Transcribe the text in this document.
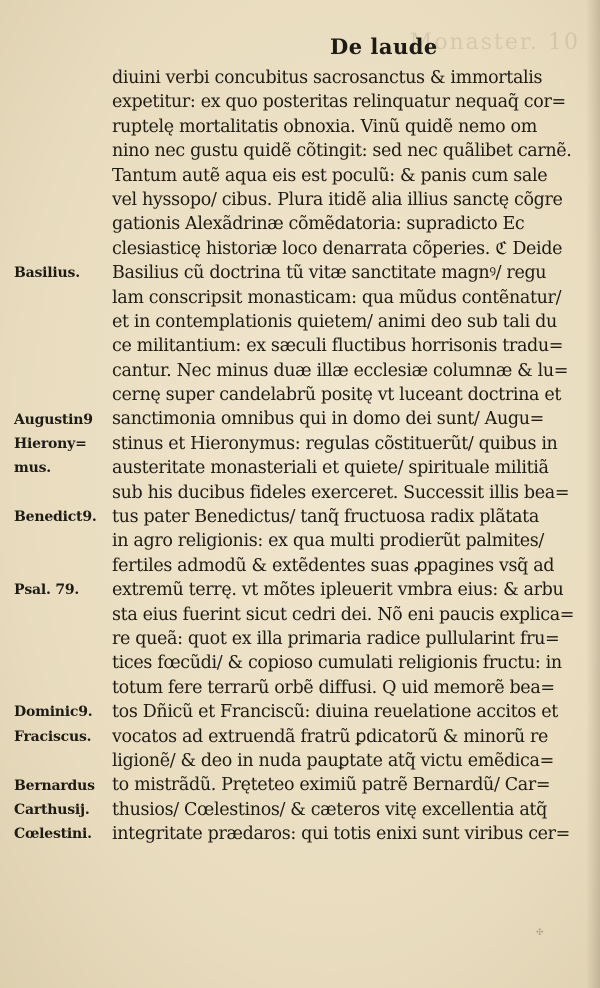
Monaster. 10
De laude
diuini verbi concubitus sacrosanctus & immortalis
expetitur: ex quo posteritas relinquatur nequaq̃ cor=
ruptelę mortalitatis obnoxia. Vinũ quidẽ nemo om
nino nec gustu quidẽ cõtingit: sed nec quãlibet carnẽ.
Tantum autẽ aqua eis est poculũ: & panis cum sale
vel hyssopo/ cibus. Plura itidẽ alia illius sanctę cõgre
gationis Alexãdrinæ cõmẽdatoria: supradicto Ec
clesiasticę historiæ loco denarrata cõperies. ℭ Deide
Basilius cũ doctrina tũ vitæ sanctitate magnꝰ/ regu
lam conscripsit monasticam: qua mũdus contẽnatur/
et in contemplationis quietem/ animi deo sub tali du
ce militantium: ex sæculi fluctibus horrisonis tradu=
cantur. Nec minus duæ illæ ecclesiæ columnæ & lu=
cernę super candelabrũ positę vt luceant doctrina et
sanctimonia omnibus qui in domo dei sunt/ Augu=
stinus et Hieronymus: regulas cõstituerũt/ quibus in
austeritate monasteriali et quiete/ spirituale militiã
sub his ducibus fideles exerceret. Successit illis bea=
tus pater Benedictus/ tanq̃ fructuosa radix plãtata
in agro religionis: ex qua multi prodierũt palmites/
fertiles admodũ & extẽdentes suas ꝓpagines vsq̃ ad
extremũ terrę. vt mõtes ipleuerit vmbra eius: & arbu
sta eius fuerint sicut cedri dei. Nõ eni paucis explica=
re queã: quot ex illa primaria radice pullularint fru=
tices fœcũdi/ & copioso cumulati religionis fructu: in
totum fere terrarũ orbẽ diffusi. Q uid memorẽ bea=
tos Dñicũ et Franciscũ: diuina reuelatione accitos et
vocatos ad extruendã fratrũ ꝑdicatorũ & minorũ re
ligionẽ/ & deo in nuda pauꝑtate atq̃ victu emẽdica=
to mistrãdũ. Pręteteo eximiũ patrẽ Bernardũ/ Car=
thusios/ Cœlestinos/ & cæteros vitę excellentia atq̃
integritate prædaros: qui totis enixi sunt viribus cer=
Basilius.
Augustin9
Hierony=
mus.
Benedict9.
Psal. 79.
Dominic9.
Fraciscus.
Bernardus
Carthusij.
Cœlestini.
✣
